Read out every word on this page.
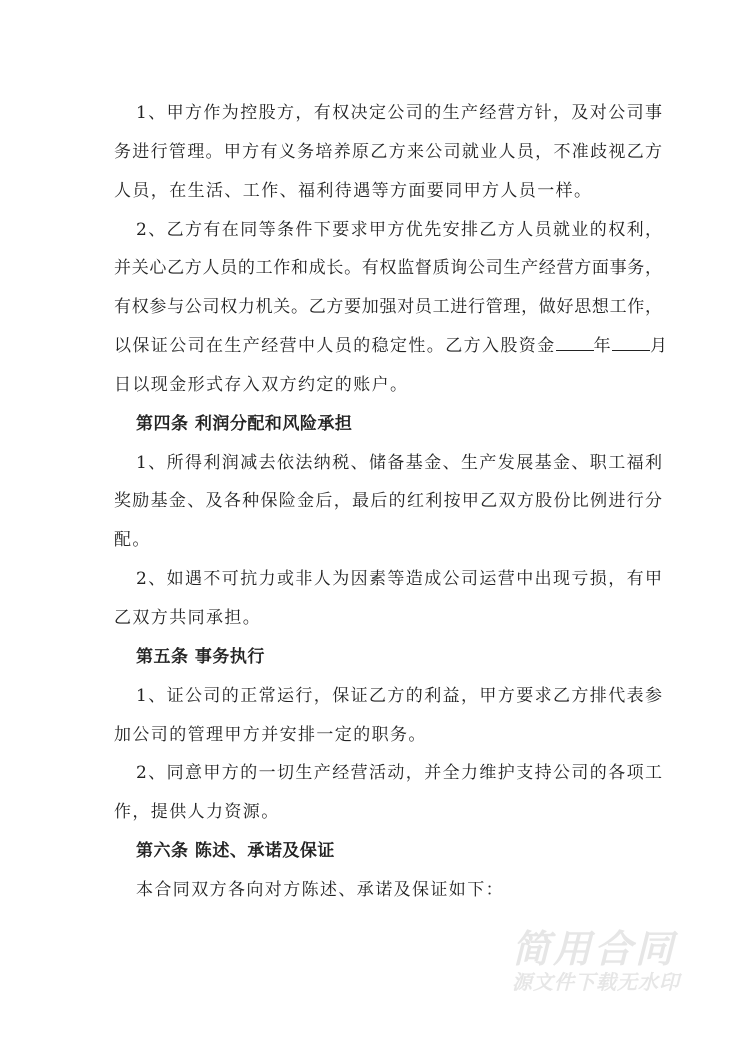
1、甲方作为控股方，有权决定公司的生产经营方针，及对公司事
务进行管理。甲方有义务培养原乙方来公司就业人员，不准歧视乙方
人员，在生活、工作、福利待遇等方面要同甲方人员一样。
2、乙方有在同等条件下要求甲方优先安排乙方人员就业的权利，
并关心乙方人员的工作和成长。有权监督质询公司生产经营方面事务，
有权参与公司权力机关。乙方要加强对员工进行管理，做好思想工作，
以保证公司在生产经营中人员的稳定性。乙方入股资金 年 月
日以现金形式存入双方约定的账户。
第四条 利润分配和风险承担
1、所得利润减去依法纳税、储备基金、生产发展基金、职工福利
奖励基金、及各种保险金后，最后的红利按甲乙双方股份比例进行分
配。
2、如遇不可抗力或非人为因素等造成公司运营中出现亏损，有甲
乙双方共同承担。
第五条 事务执行
1、证公司的正常运行，保证乙方的利益，甲方要求乙方排代表参
加公司的管理甲方并安排一定的职务。
2、同意甲方的一切生产经营活动，并全力维护支持公司的各项工
作，提供人力资源。
第六条 陈述、承诺及保证
本合同双方各向对方陈述、承诺及保证如下：
简用合同
源文件下载无水印
